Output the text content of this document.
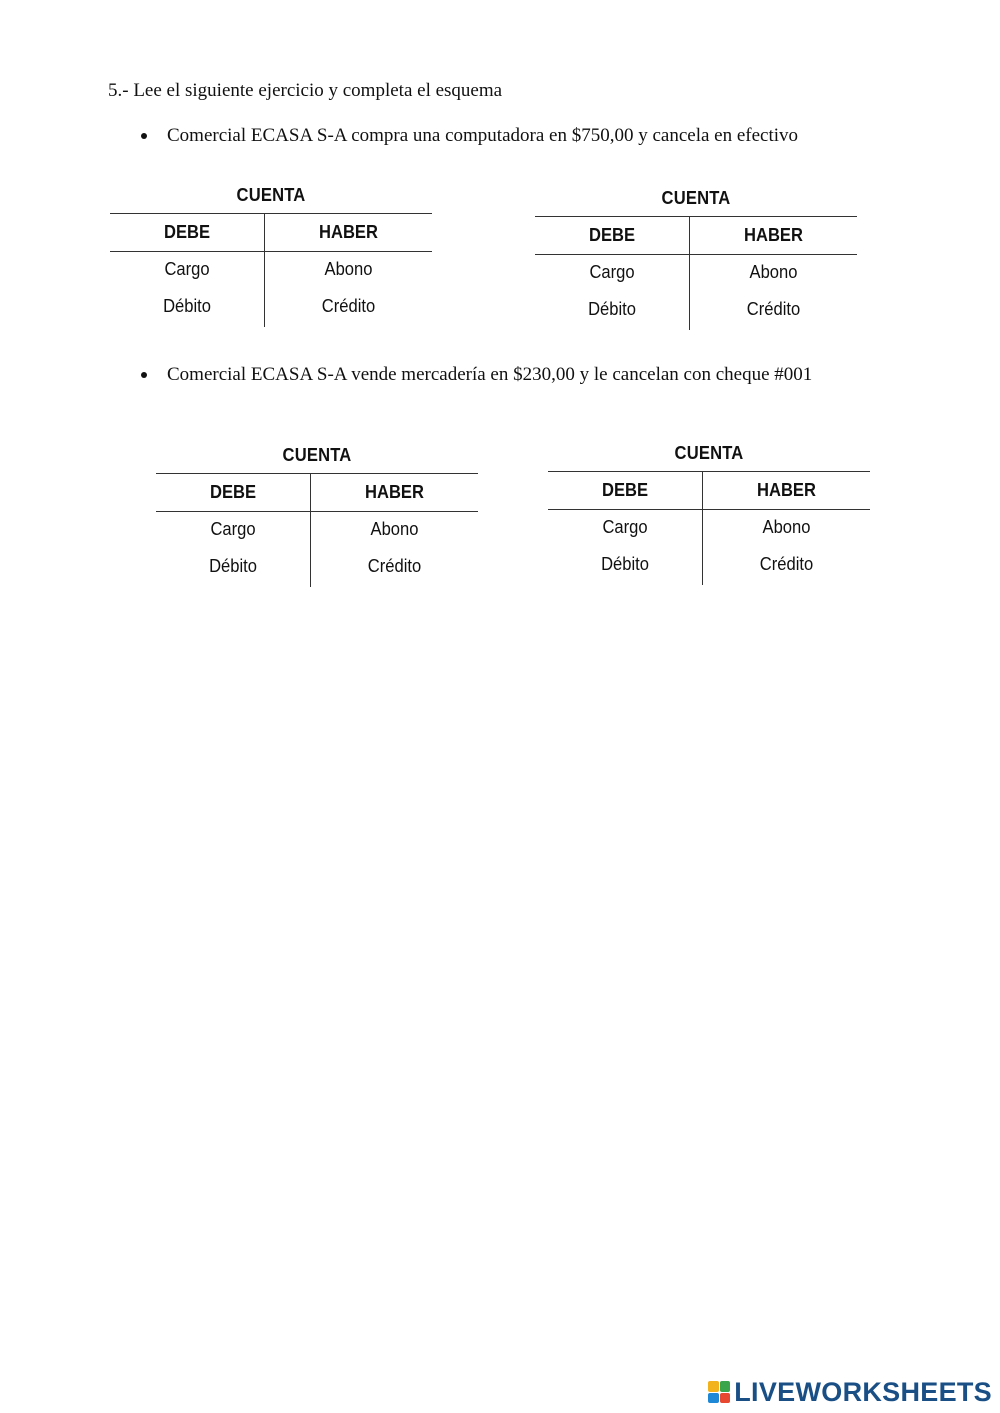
5.- Lee el siguiente ejercicio y completa el esquema
Comercial ECASA S-A compra una computadora en $750,00 y cancela en efectivo
CUENTA
DEBE	HABER
Cargo	Abono
Débito	Crédito
CUENTA
DEBE	HABER
Cargo	Abono
Débito	Crédito
Comercial ECASA S-A vende mercadería en $230,00 y le cancelan con cheque #001
CUENTA
DEBE	HABER
Cargo	Abono
Débito	Crédito
CUENTA
DEBE	HABER
Cargo	Abono
Débito	Crédito
LIVEWORKSHEETS
